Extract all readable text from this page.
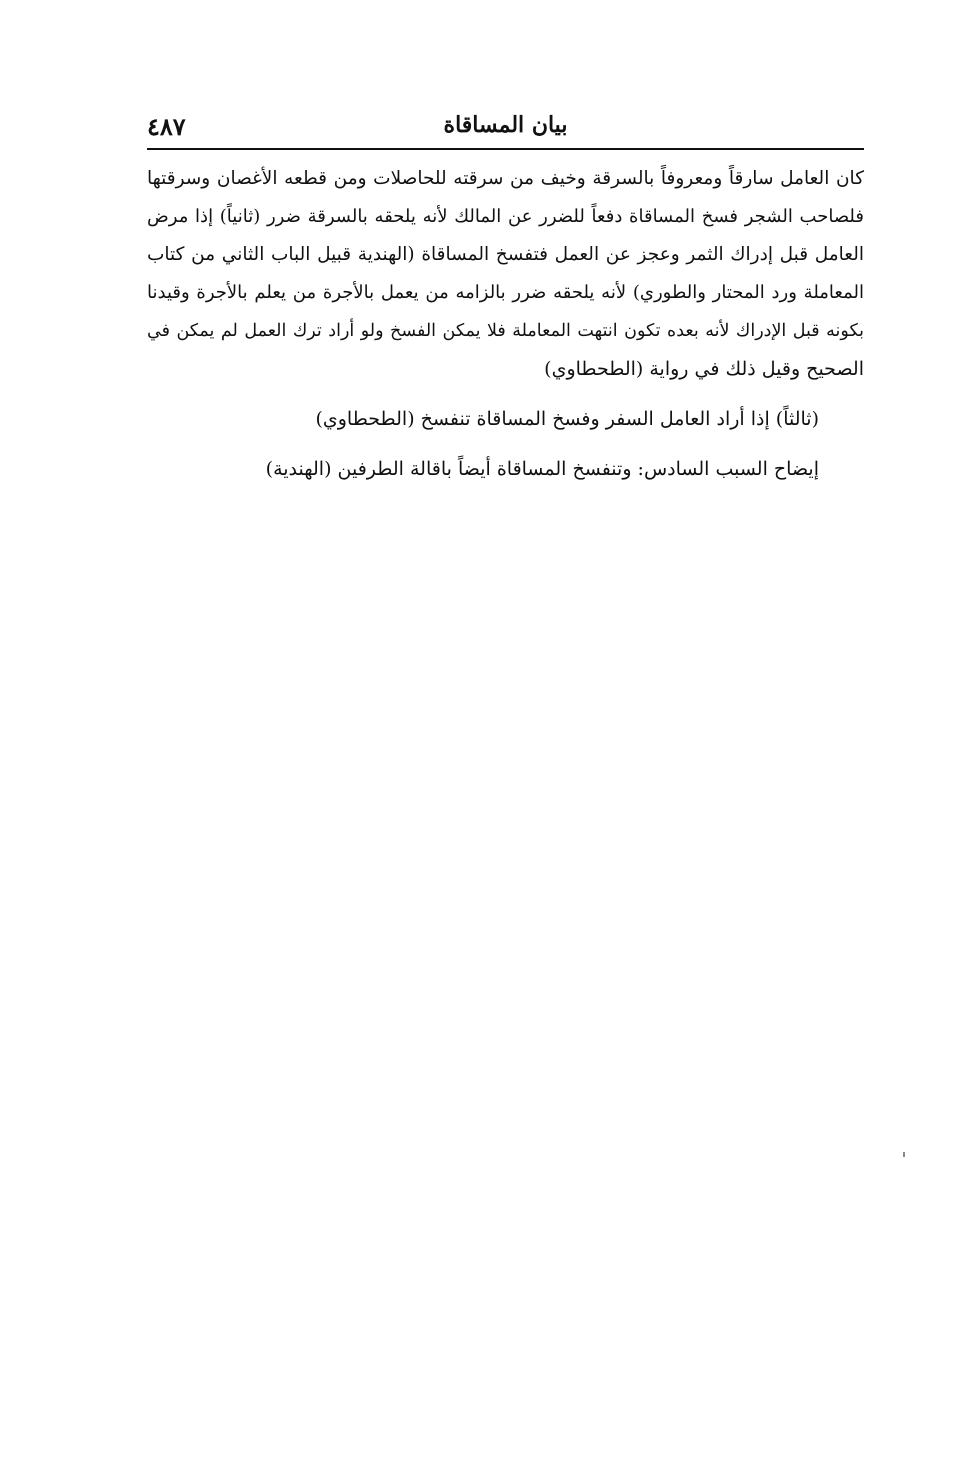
بيان المساقاة
٤٨٧
كان العامل سارقاً ومعروفاً بالسرقة وخيف من سرقته للحاصلات ومن قطعه الأغصان وسرقتها
فلصاحب الشجر فسخ المساقاة دفعاً للضرر عن المالك لأنه يلحقه بالسرقة ضرر (ثانياً) إذا مرض
العامل قبل إدراك الثمر وعجز عن العمل فتفسخ المساقاة (الهندية قبيل الباب الثاني من كتاب
المعاملة ورد المحتار والطوري) لأنه يلحقه ضرر بالزامه من يعمل بالأجرة من يعلم بالأجرة وقيدنا
بكونه قبل الإدراك لأنه بعده تكون انتهت المعاملة فلا يمكن الفسخ ولو أراد ترك العمل لم يمكن في
الصحيح وقيل ذلك في رواية (الطحطاوي)
(ثالثاً) إذا أراد العامل السفر وفسخ المساقاة تنفسخ (الطحطاوي)
إيضاح السبب السادس: وتنفسخ المساقاة أيضاً باقالة الطرفين (الهندية)
